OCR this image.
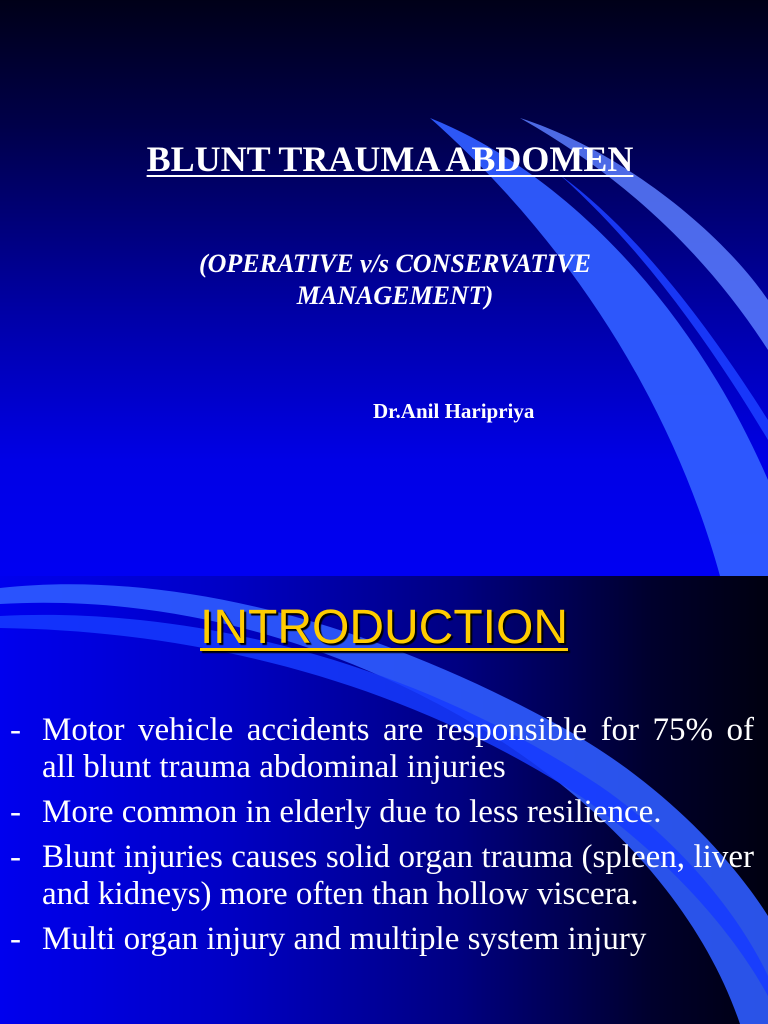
BLUNT TRAUMA ABDOMEN
(OPERATIVE v/s CONSERVATIVE MANAGEMENT)
Dr.Anil Haripriya
INTRODUCTION
- Motor vehicle accidents are responsible for 75% of all blunt trauma abdominal injuries
- More common in elderly due to less resilience.
- Blunt injuries causes solid organ trauma (spleen, liver and kidneys) more often than hollow viscera.
- Multi organ injury and multiple system injury
